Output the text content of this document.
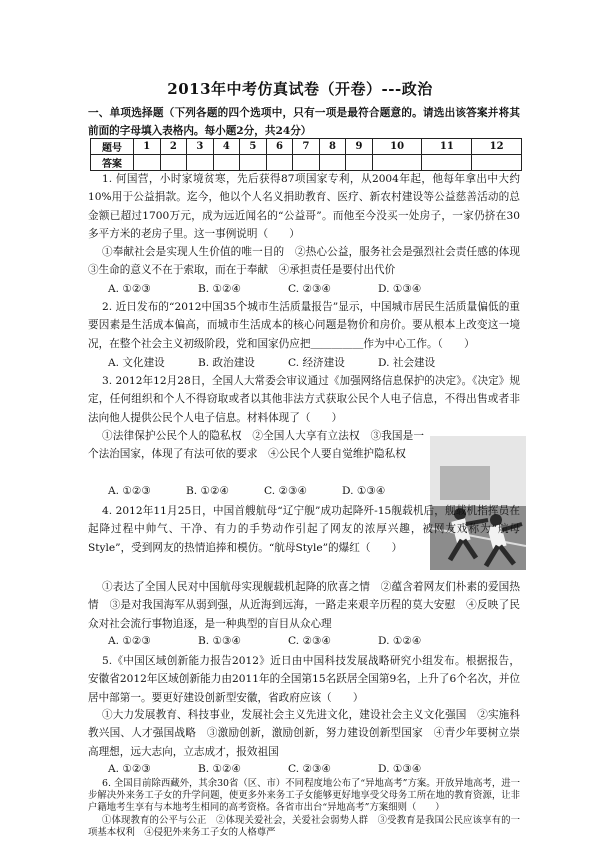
2013年中考仿真试卷（开卷）---政治

一、单项选择题（下列各题的四个选项中，只有一项是最符合题意的。请选出该答案并将其前面的字母填入表格内。每小题2分，共24分）

题号	1	2	3	4	5	6	7	8	9	10	11	12
答案												

1. 何国营，小时家境贫寒，先后获得87项国家专利，从2004年起，他每年拿出中大约10%用于公益捐款。迄今，他以个人名义捐助教育、医疗、新农村建设等公益慈善活动的总金额已超过1700万元，成为远近闻名的“公益哥”。而他至今没买一处房子，一家仍挤在30多平方米的老房子里。这一事例说明（　　）

①奉献社会是实现人生价值的唯一目的　②热心公益，服务社会是强烈社会责任感的体现　③生命的意义不在于索取，而在于奉献　④承担责任是要付出代价

A. ①②③	B. ①②④	C. ②③④	D. ①③④

2. 近日发布的“2012中国35个城市生活质量报告”显示，中国城市居民生活质量偏低的重要因素是生活成本偏高，而城市生活成本的核心问题是物价和房价。要从根本上改变这一境况，在整个社会主义初级阶段，党和国家仍应把＿＿＿＿＿作为中心工作。（　　）

A. 文化建设	B. 政治建设	C. 经济建设	D. 社会建设

3. 2012年12月28日，全国人大常委会审议通过《加强网络信息保护的决定》。《决定》规定，任何组织和个人不得窃取或者以其他非法方式获取公民个人电子信息，不得出售或者非法向他人提供公民个人电子信息。材料体现了（　　）

①法律保护公民个人的隐私权　②全国人大享有立法权　③我国是一个法治国家，体现了有法可依的要求　④公民个人要自觉维护隐私权

A. ①②③	B. ①②④	C. ②③④	D. ①③④

4. 2012年11月25日，中国首艘航母“辽宁舰”成功起降歼-15舰载机后，舰载机指挥员在起降过程中帅气、干净、有力的手势动作引起了网友的浓厚兴趣，被网友戏称为“航母Style”，受到网友的热情追捧和模仿。“航母Style”的爆红（　　）

①表达了全国人民对中国航母实现舰载机起降的欣喜之情　②蕴含着网友们朴素的爱国热情　③是对我国海军从弱到强，从近海到远海，一路走来艰辛历程的莫大安慰　④反映了民众对社会流行事物追逐，是一种典型的盲目从众心理

A. ①②③	B. ①③④	C. ②③④	D. ①②④

5.《中国区域创新能力报告2012》近日由中国科技发展战略研究小组发布。根据报告，安徽省2012年区域创新能力由2011年的全国第15名跃居全国第9名，上升了6个名次，并位居中部第一。要更好建设创新型安徽，省政府应该（　　）

①大力发展教育、科技事业，发展社会主义先进文化，建设社会主义文化强国　②实施科教兴国、人才强国战略　③激励创新，激励创新，努力建设创新型国家　④青少年要树立崇高理想，远大志向，立志成才，报效祖国

A. ①②③	B. ①②④	C. ②③④	D. ①③④

6. 全国目前除西藏外，其余30省（区、市）不同程度地公布了“异地高考”方案。开放异地高考，进一步解决外来务工子女的升学问题，使更多外来务工子女能够更好地享受父母务工所在地的教育资源，让非户籍地考生享有与本地考生相同的高考资格。各省市出台“异地高考”方案细则（　　）

①体现教育的公平与公正　②体现关爱社会，关爱社会弱势人群　③受教育是我国公民应该享有的一项基本权利　④侵犯外来务工子女的人格尊严
